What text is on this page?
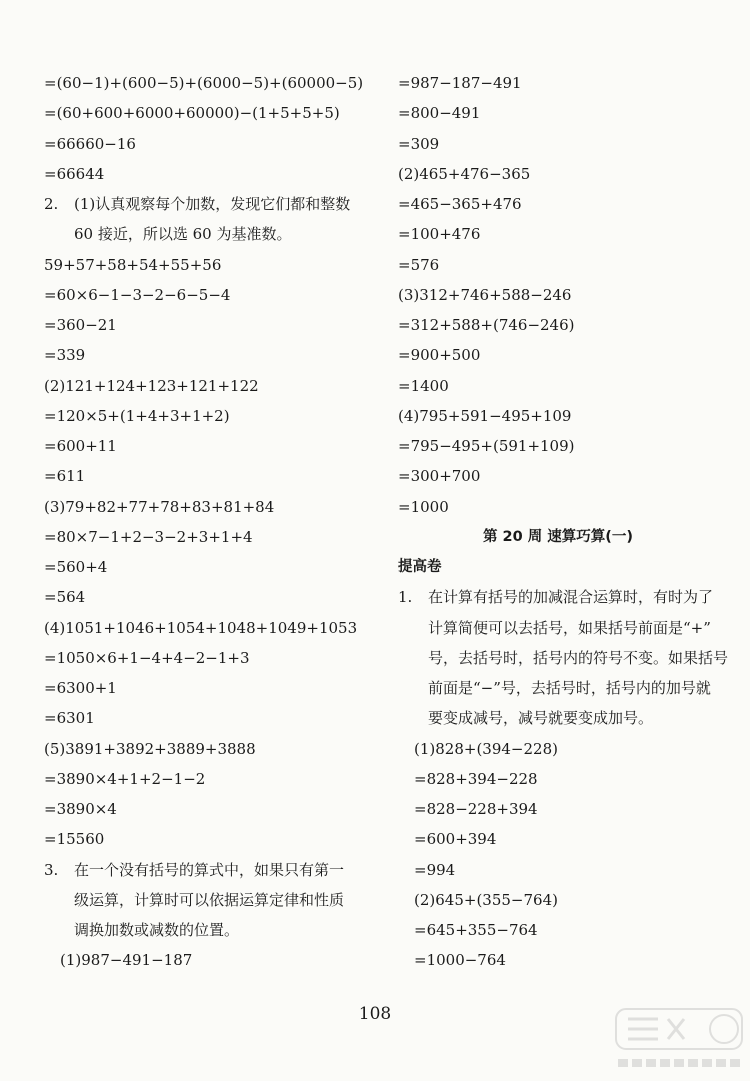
=(60−1)+(600−5)+(6000−5)+(60000−5)
=(60+600+6000+60000)−(1+5+5+5)
=66660−16
=66644
2. (1)认真观察每个加数，发现它们都和整数
60 接近，所以选 60 为基准数。
59+57+58+54+55+56
=60×6−1−3−2−6−5−4
=360−21
=339
(2)121+124+123+121+122
=120×5+(1+4+3+1+2)
=600+11
=611
(3)79+82+77+78+83+81+84
=80×7−1+2−3−2+3+1+4
=560+4
=564
(4)1051+1046+1054+1048+1049+1053
=1050×6+1−4+4−2−1+3
=6300+1
=6301
(5)3891+3892+3889+3888
=3890×4+1+2−1−2
=3890×4
=15560
3. 在一个没有括号的算式中，如果只有第一
级运算，计算时可以依据运算定律和性质
调换加数或减数的位置。
(1)987−491−187
=987−187−491
=800−491
=309
(2)465+476−365
=465−365+476
=100+476
=576
(3)312+746+588−246
=312+588+(746−246)
=900+500
=1400
(4)795+591−495+109
=795−495+(591+109)
=300+700
=1000
第 20 周 速算巧算(一)
提高卷
1. 在计算有括号的加减混合运算时，有时为了
计算简便可以去括号，如果括号前面是“+”
号，去括号时，括号内的符号不变。如果括号
前面是“−”号，去括号时，括号内的加号就
要变成减号，减号就要变成加号。
(1)828+(394−228)
=828+394−228
=828−228+394
=600+394
=994
(2)645+(355−764)
=645+355−764
=1000−764
108
